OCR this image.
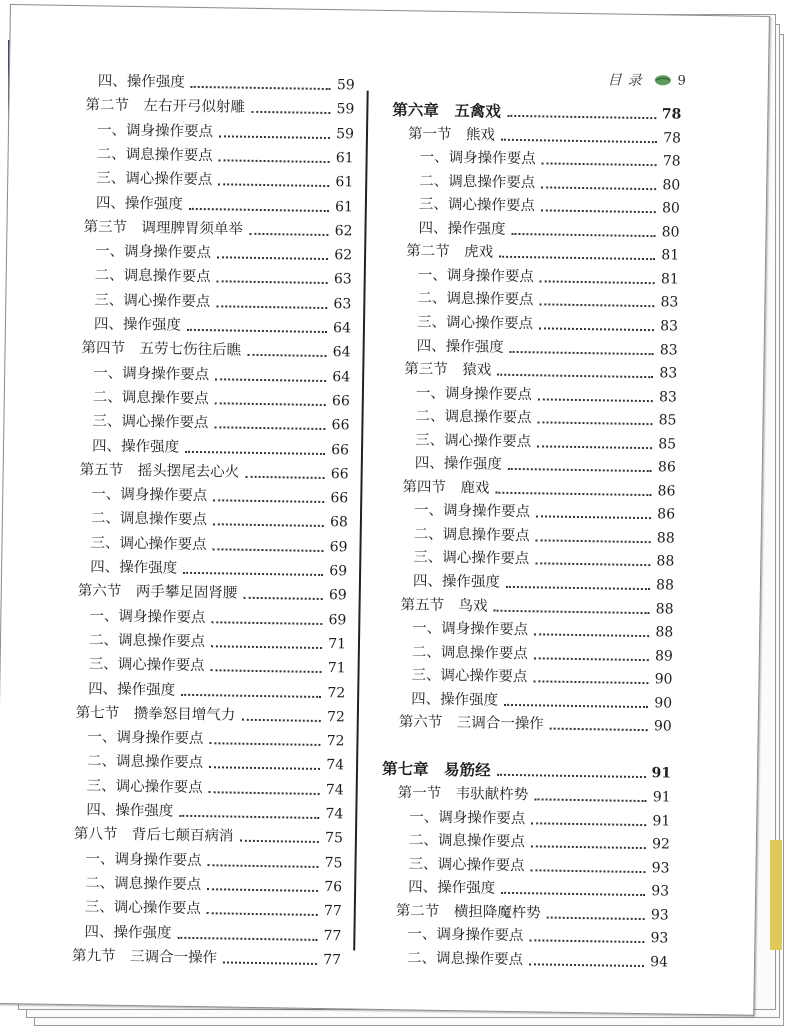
目录 9
四、操作强度	59
第二节　左右开弓似射雕	59
一、调身操作要点	59
二、调息操作要点	61
三、调心操作要点	61
四、操作强度	61
第三节　调理脾胃须单举	62
一、调身操作要点	62
二、调息操作要点	63
三、调心操作要点	63
四、操作强度	64
第四节　五劳七伤往后瞧	64
一、调身操作要点	64
二、调息操作要点	66
三、调心操作要点	66
四、操作强度	66
第五节　摇头摆尾去心火	66
一、调身操作要点	66
二、调息操作要点	68
三、调心操作要点	69
四、操作强度	69
第六节　两手攀足固肾腰	69
一、调身操作要点	69
二、调息操作要点	71
三、调心操作要点	71
四、操作强度	72
第七节　攒拳怒目增气力	72
一、调身操作要点	72
二、调息操作要点	74
三、调心操作要点	74
四、操作强度	74
第八节　背后七颠百病消	75
一、调身操作要点	75
二、调息操作要点	76
三、调心操作要点	77
四、操作强度	77
第九节　三调合一操作	77
第六章　五禽戏	78
第一节　熊戏	78
一、调身操作要点	78
二、调息操作要点	80
三、调心操作要点	80
四、操作强度	80
第二节　虎戏	81
一、调身操作要点	81
二、调息操作要点	83
三、调心操作要点	83
四、操作强度	83
第三节　猿戏	83
一、调身操作要点	83
二、调息操作要点	85
三、调心操作要点	85
四、操作强度	86
第四节　鹿戏	86
一、调身操作要点	86
二、调息操作要点	88
三、调心操作要点	88
四、操作强度	88
第五节　鸟戏	88
一、调身操作要点	88
二、调息操作要点	89
三、调心操作要点	90
四、操作强度	90
第六节　三调合一操作	90
第七章　易筋经	91
第一节　韦驮献杵势	91
一、调身操作要点	91
二、调息操作要点	92
三、调心操作要点	93
四、操作强度	93
第二节　横担降魔杵势	93
一、调身操作要点	93
二、调息操作要点	94
